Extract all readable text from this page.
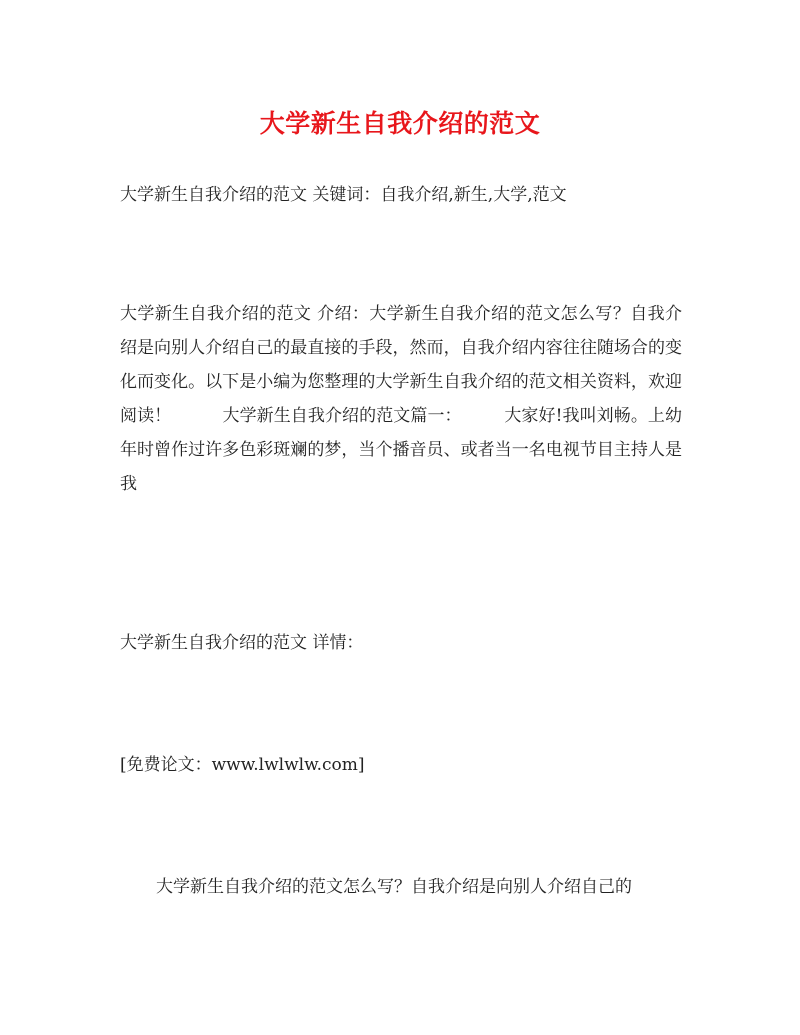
大学新生自我介绍的范文
大学新生自我介绍的范文 关键词：自我介绍,新生,大学,范文
大学新生自我介绍的范文 介绍：大学新生自我介绍的范文怎么写？自我介绍是向别人介绍自己的最直接的手段，然而，自我介绍内容往往随场合的变化而变化。以下是小编为您整理的大学新生自我介绍的范文相关资料，欢迎阅读！　　　大学新生自我介绍的范文篇一：　　　大家好!我叫刘畅。上幼年时曾作过许多色彩斑斓的梦，当个播音员、或者当一名电视节目主持人是我
大学新生自我介绍的范文 详情：
[免费论文：www.lwlwlw.com]
大学新生自我介绍的范文怎么写？自我介绍是向别人介绍自己的
